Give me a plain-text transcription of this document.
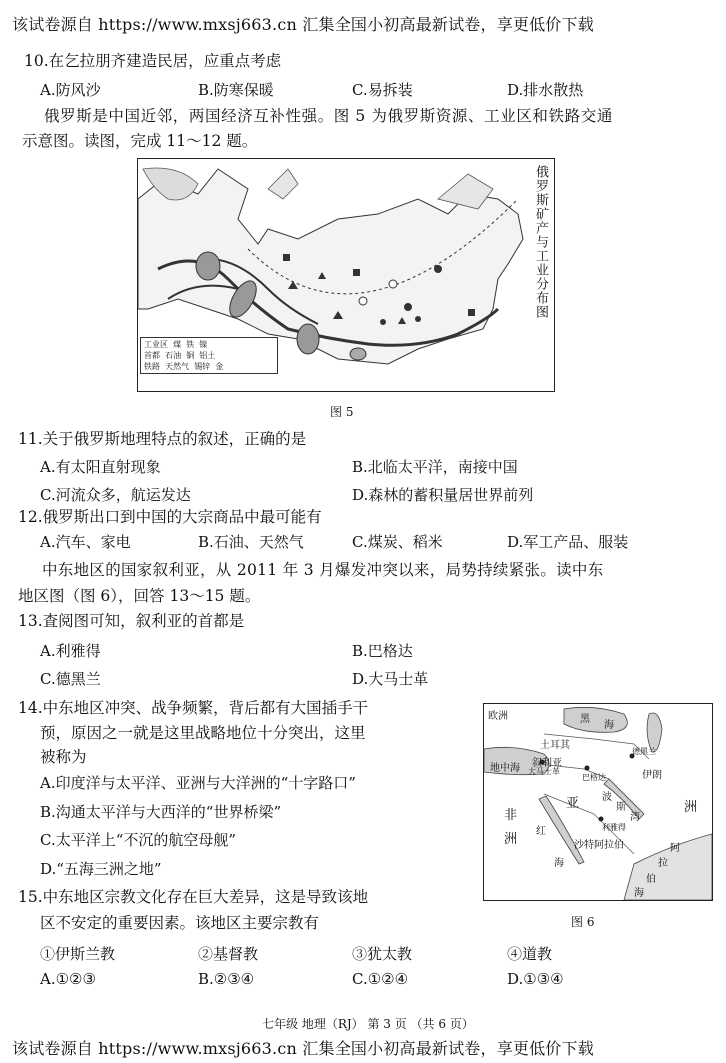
该试卷源自 https://www.mxsj663.cn 汇集全国小初高最新试卷，享更低价下载
10.在乞拉朋齐建造民居，应重点考虑
A.防风沙	B.防寒保暖	C.易拆装	D.排水散热
俄罗斯是中国近邻，两国经济互补性强。图 5 为俄罗斯资源、工业区和铁路交通
示意图。读图，完成 11～12 题。
工业区 煤 铁 镍
首都 石油 铜 铝土
铁路 天然气 锡锌 金
俄罗斯矿产与工业分布图
图 5
11.关于俄罗斯地理特点的叙述，正确的是
A.有太阳直射现象	B.北临太平洋，南接中国
C.河流众多，航运发达	D.森林的蓄积量居世界前列
12.俄罗斯出口到中国的大宗商品中最可能有
A.汽车、家电	B.石油、天然气	C.煤炭、稻米	D.军工产品、服装
中东地区的国家叙利亚，从 2011 年 3 月爆发冲突以来，局势持续紧张。读中东
地区图（图 6），回答 13～15 题。
13.査阅图可知，叙利亚的首都是
A.利雅得	B.巴格达
C.德黑兰	D.大马士革
14.中东地区冲突、战争频繁，背后都有大国插手干
预，原因之一就是这里战略地位十分突出，这里
被称为
A.印度洋与太平洋、亚洲与大洋洲的“十字路口”
B.沟通太平洋与大西洋的“世界桥梁”
C.太平洋上“不沉的航空母舰”
D.“五海三洲之地”
欧洲	黑
海
土耳其
叙利亚
大马士革
巴格达
德黑兰
伊朗
地中海
亚	洲
非
洲
利雅得
沙特阿拉伯	阿
拉
伯
海
红
海
波
斯
湾
图 6
15.中东地区宗教文化存在巨大差异，这是导致该地
区不安定的重要因素。该地区主要宗教有
①伊斯兰教	②基督教	③犹太教	④道教
A.①②③	B.②③④	C.①②④	D.①③④
七年级 地理（RJ） 第 3 页 （共 6 页）
该试卷源自 https://www.mxsj663.cn 汇集全国小初高最新试卷，享更低价下载
